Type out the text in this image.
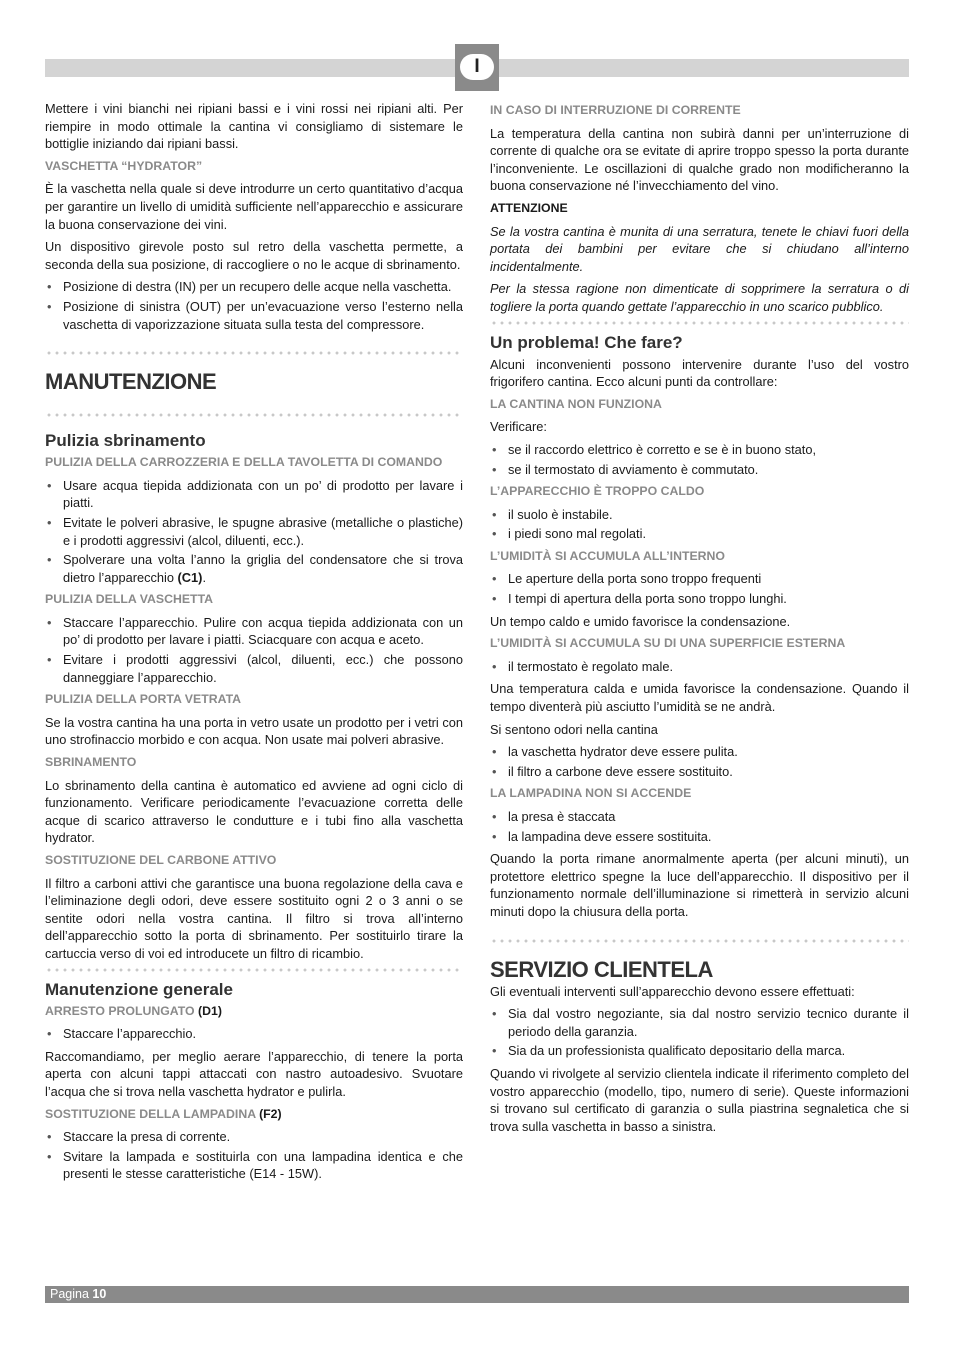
I

Mettere i vini bianchi nei ripiani bassi e i vini rossi nei ripiani alti. Per riempire in modo ottimale la cantina vi consigliamo di sistemare le bottiglie iniziando dai ripiani bassi.

VASCHETTA “HYDRATOR”

È la vaschetta nella quale si deve introdurre un certo quantitativo d’acqua per garantire un livello di umidità sufficiente nell’apparecchio e assicurare la buona conservazione dei vini.

Un dispositivo girevole posto sul retro della vaschetta permette, a seconda della sua posizione, di raccogliere o no le acque di sbrinamento.

• Posizione di destra (IN) per un recupero delle acque nella vaschetta.
• Posizione di sinistra (OUT) per un’evacuazione verso l’esterno nella vaschetta di vaporizzazione situata sulla testa del compressore.
MANUTENZIONE
Pulizia sbrinamento
PULIZIA DELLA CARROZZERIA E DELLA TAVOLETTA DI COMANDO
• Usare acqua tiepida addizionata con un po’ di prodotto per lavare i piatti.
• Evitate le polveri abrasive, le spugne abrasive (metalliche o plastiche) e i prodotti aggressivi (alcol, diluenti, ecc.).
• Spolverare una volta l’anno la griglia del condensatore che si trova dietro l’apparecchio (C1).
PULIZIA DELLA VASCHETTA
• Staccare l’apparecchio. Pulire con acqua tiepida addizionata con un po’ di prodotto per lavare i piatti. Sciacquare con acqua e aceto.
• Evitare i prodotti aggressivi (alcol, diluenti, ecc.) che possono danneggiare l’apparecchio.
PULIZIA DELLA PORTA VETRATA

Se la vostra cantina ha una porta in vetro usate un prodotto per i vetri con uno strofinaccio morbido e con acqua. Non usate mai polveri abrasive.

SBRINAMENTO

Lo sbrinamento della cantina è automatico ed avviene ad ogni ciclo di funzionamento. Verificare periodicamente l’evacuazione corretta delle acque di scarico attraverso le condutture e i tubi fino alla vaschetta hydrator.

SOSTITUZIONE DEL CARBONE ATTIVO

Il filtro a carboni attivi che garantisce una buona regolazione della cava e l’eliminazione degli odori, deve essere sostituito ogni 2 o 3 anni o se sentite odori nella vostra cantina. Il filtro si trova all’interno dell’apparecchio sotto la porta di sbrinamento. Per sostituirlo tirare la cartuccia verso di voi ed introducete un filtro di ricambio.

Manutenzione generale
ARRESTO PROLUNGATO (D1)
• Staccare l’apparecchio.

Raccomandiamo, per meglio aerare l’apparecchio, di tenere la porta aperta con alcuni tappi attaccati con nastro autoadesivo. Svuotare l’acqua che si trova nella vaschetta hydrator e pulirla.

SOSTITUZIONE DELLA LAMPADINA (F2)
• Staccare la presa di corrente.
• Svitare la lampada e sostituirla con una lampadina identica e che presenti le stesse caratteristiche (E14 - 15W).
IN CASO DI INTERRUZIONE DI CORRENTE

La temperatura della cantina non subirà danni per un’interruzione di corrente di qualche ora se evitate di aprire troppo spesso la porta durante l’inconveniente. Le oscillazioni di qualche grado non modificheranno la buona conservazione né l’invecchiamento del vino.

ATTENZIONE

Se la vostra cantina è munita di una serratura, tenete le chiavi fuori della portata dei bambini per evitare che si chiudano all’interno incidentalmente.

Per la stessa ragione non dimenticate di sopprimere la serratura o di togliere la porta quando gettate l’apparecchio in uno scarico pubblico.

Un problema! Che fare?

Alcuni inconvenienti possono intervenire durante l’uso del vostro frigorifero cantina. Ecco alcuni punti da controllare:

LA CANTINA NON FUNZIONA

Verificare:

• se il raccordo elettrico è corretto e se è in buono stato,
• se il termostato di avviamento è commutato.
L’APPARECCHIO È TROPPO CALDO
• il suolo è instabile.
• i piedi sono mal regolati.
L’UMIDITÀ SI ACCUMULA ALL’INTERNO
• Le aperture della porta sono troppo frequenti
• I tempi di apertura della porta sono troppo lunghi.

Un tempo caldo e umido favorisce la condensazione.

L’UMIDITÀ SI ACCUMULA SU DI UNA SUPERFICIE ESTERNA
• il termostato è regolato male.

Una temperatura calda e umida favorisce la condensazione. Quando il tempo diventerà più asciutto l’umidità se ne andrà.

Si sentono odori nella cantina

• la vaschetta hydrator deve essere pulita.
• il filtro a carbone deve essere sostituito.
LA LAMPADINA NON SI ACCENDE
• la presa è staccata
• la lampadina deve essere sostituita.

Quando la porta rimane anormalmente aperta (per alcuni minuti), un protettore elettrico spegne la luce dell’apparecchio. Il dispositivo per il funzionamento normale dell’illuminazione si rimetterà in servizio alcuni minuti dopo la chiusura della porta.

SERVIZIO CLIENTELA

Gli eventuali interventi sull’apparecchio devono essere effettuati:

• Sia dal vostro negoziante, sia dal nostro servizio tecnico durante il periodo della garanzia.
• Sia da un professionista qualificato depositario della marca.

Quando vi rivolgete al servizio clientela indicate il riferimento completo del vostro apparecchio (modello, tipo, numero di serie). Queste informazioni si trovano sul certificato di garanzia o sulla piastrina segnaletica che si trova sulla vaschetta in basso a sinistra.

Pagina 10
